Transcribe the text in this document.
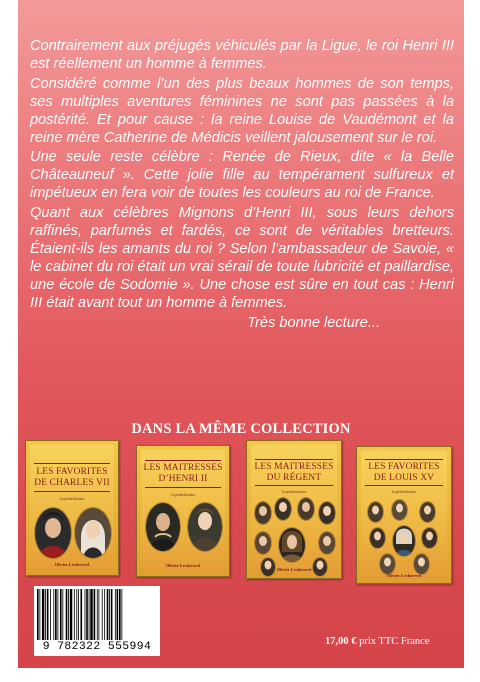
Contrairement aux préjugés véhiculés par la Ligue, le roi Henri III est réellement un homme à femmes.

Considéré comme l’un des plus beaux hommes de son temps, ses multiples aventures féminines ne sont pas passées à la postérité. Et pour cause : la reine Louise de Vaudémont et la reine mère Catherine de Médicis veillent jalousement sur le roi.

Une seule reste célèbre : Renée de Rieux, dite « la Belle Châteauneuf ». Cette jolie fille au tempérament sulfureux et impétueux en fera voir de toutes les couleurs au roi de France.

Quant aux célèbres Mignons d’Henri III, sous leurs dehors raffinés, parfumés et fardés, ce sont de véritables bretteurs. Étaient-ils les amants du roi ? Selon l’ambassadeur de Savoie, « le cabinet du roi était un vrai sérail de toute lubricité et paillardise, une école de Sodomie ». Une chose est sûre en tout cas : Henri III était avant tout un homme à femmes.

Très bonne lecture...

DANS LA MÊME COLLECTION
LES FAVORITES
DE CHARLES VII
La petite histoire
Olivier Lecherevel
LES MAITRESSES
D’HENRI II
La petite histoire
Olivier Lecherevel
LES MAITRESSES
DU RÉGENT
La petite histoire
Olivier Lecherevel
LES FAVORITES
DE LOUIS XV
La petite histoire
Olivier Lecherevel
9 782322 555994	17,00 € prix TTC France
